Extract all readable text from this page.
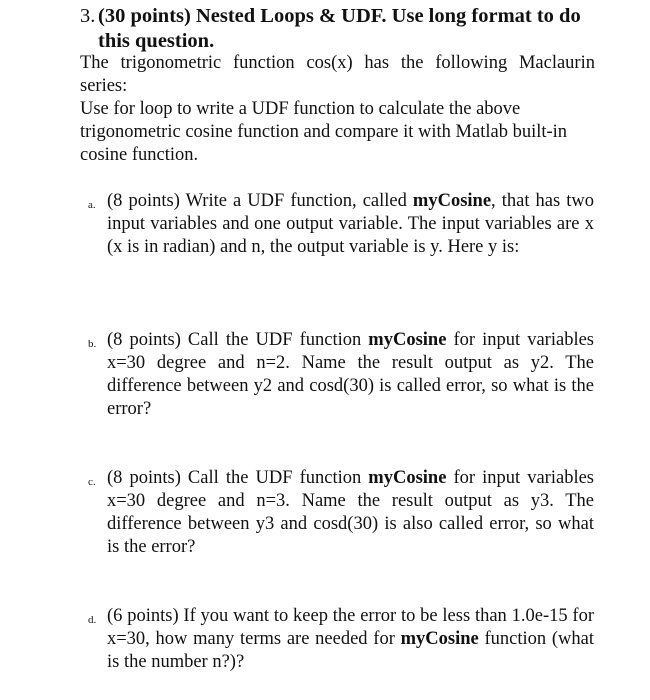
3. (30 points) Nested Loops & UDF. Use long format to do this question.

The trigonometric function cos(x) has the following Maclaurin series:

Use for loop to write a UDF function to calculate the above trigonometric cosine function and compare it with Matlab built-in cosine function.

a. (8 points) Write a UDF function, called myCosine, that has two input variables and one output variable. The input variables are x (x is in radian) and n, the output variable is y. Here y is:

b. (8 points) Call the UDF function myCosine for input variables x=30 degree and n=2. Name the result output as y2. The difference between y2 and cosd(30) is called error, so what is the error?

c. (8 points) Call the UDF function myCosine for input variables x=30 degree and n=3. Name the result output as y3. The difference between y3 and cosd(30) is also called error, so what is the error?

d. (6 points) If you want to keep the error to be less than 1.0e-15 for x=30, how many terms are needed for myCosine function (what is the number n?)?
